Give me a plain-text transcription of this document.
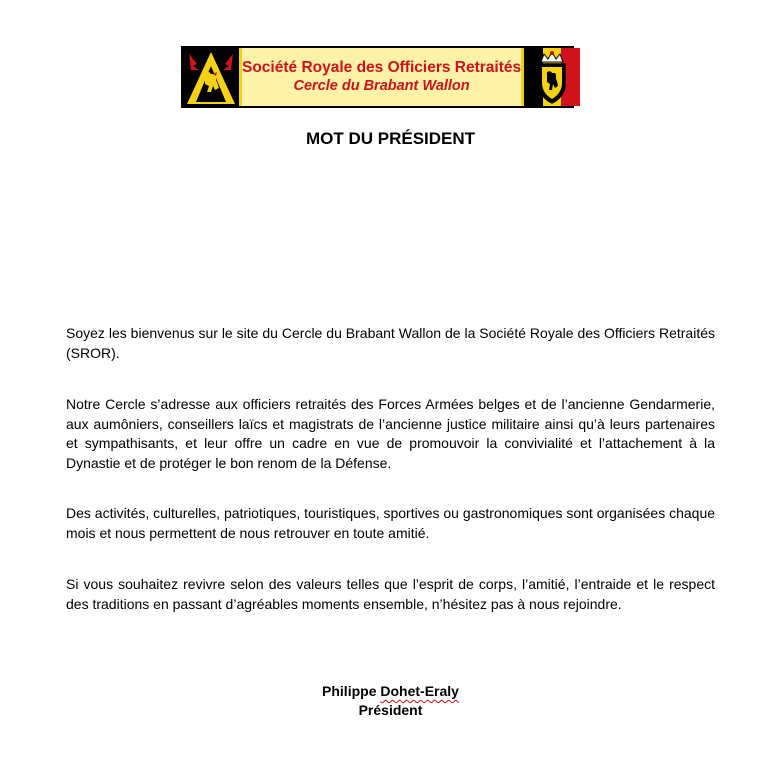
Société Royale des Officiers Retraités
Cercle du Brabant Wallon
MOT DU PRÉSIDENT

Soyez les bienvenus sur le site du Cercle du Brabant Wallon de la Société Royale des Officiers Retraités (SROR).

Notre Cercle s’adresse aux officiers retraités des Forces Armées belges et de l’ancienne Gendarmerie, aux aumôniers, conseillers laïcs et magistrats de l’ancienne justice militaire ainsi qu’à leurs partenaires et sympathisants, et leur offre un cadre en vue de promouvoir la convivialité et l’attachement à la Dynastie et de protéger le bon renom de la Défense.

Des activités, culturelles, patriotiques, touristiques, sportives ou gastronomiques sont organisées chaque mois et nous permettent de nous retrouver en toute amitié.

Si vous souhaitez revivre selon des valeurs telles que l’esprit de corps, l’amitié, l’entraide et le respect des traditions en passant d’agréables moments ensemble, n’hésitez pas à nous rejoindre.

Philippe Dohet-Eraly
Président
